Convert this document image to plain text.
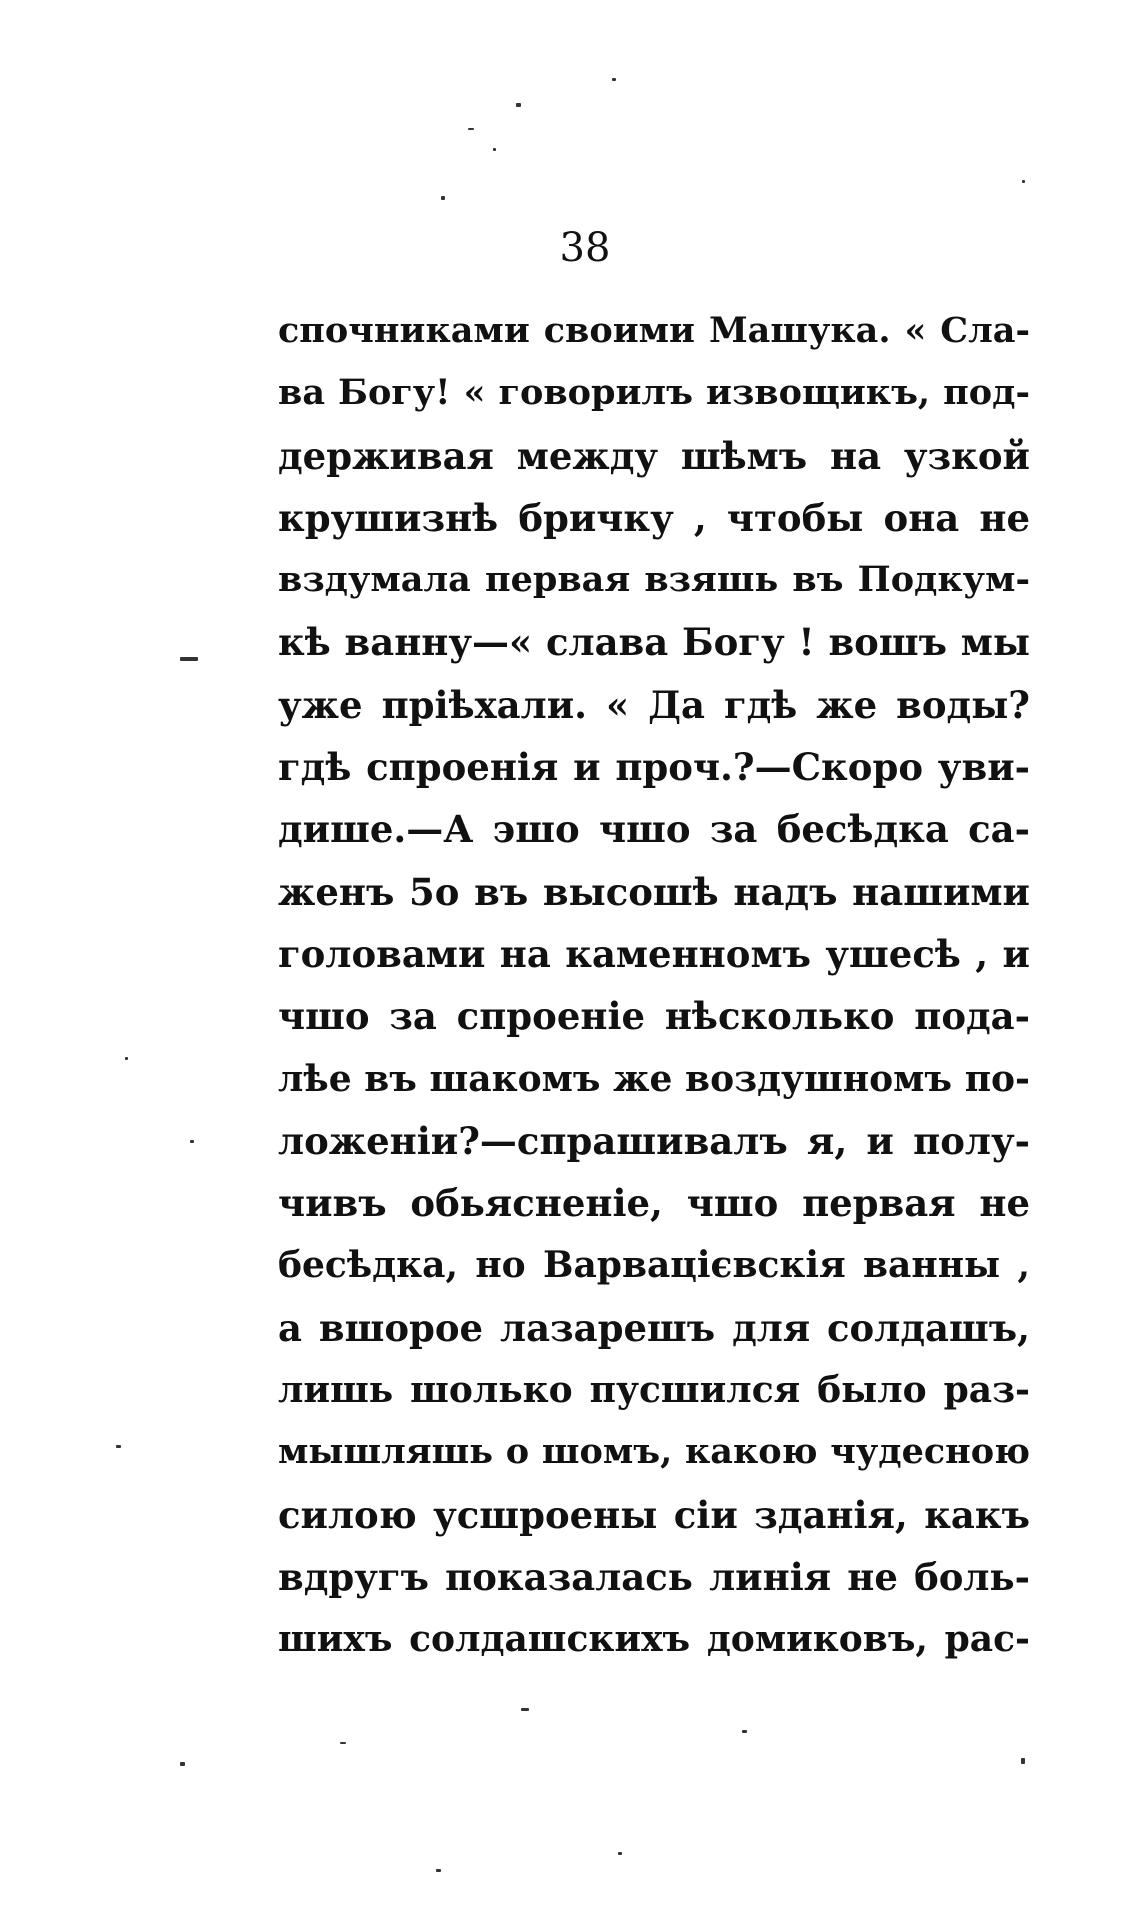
38
спочниками своими Машука. « Сла-
ва Богу! « говорилъ извощикъ, под-
держивая между шѣмъ на узкой
крушизнѣ бричку , чтобы она не
вздумала первая взяшь въ Подкум-
кѣ ванну—« слава Богу ! вошъ мы
уже пріѣхали. « Да гдѣ же воды?
гдѣ спроенія и проч.?—Скоро уви-
дише.—А эшо чшо за бесѣдка са-
женъ 5о въ высошѣ надъ нашими
головами на каменномъ ушесѣ , и
чшо за спроеніе нѣсколько пода-
лѣе въ шакомъ же воздушномъ по-
ложеніи?—спрашивалъ я, и полу-
чивъ обьясненіе, чшо первая не
бесѣдка, но Варвацієвскія ванны ,
а вшорое лазарешъ для солдашъ,
лишь шолько пусшился было раз-
мышляшь о шомъ, какою чудесною
силою усшроены сіи зданія, какъ
вдругъ показалась линія не боль-
шихъ солдашскихъ домиковъ, рас-
